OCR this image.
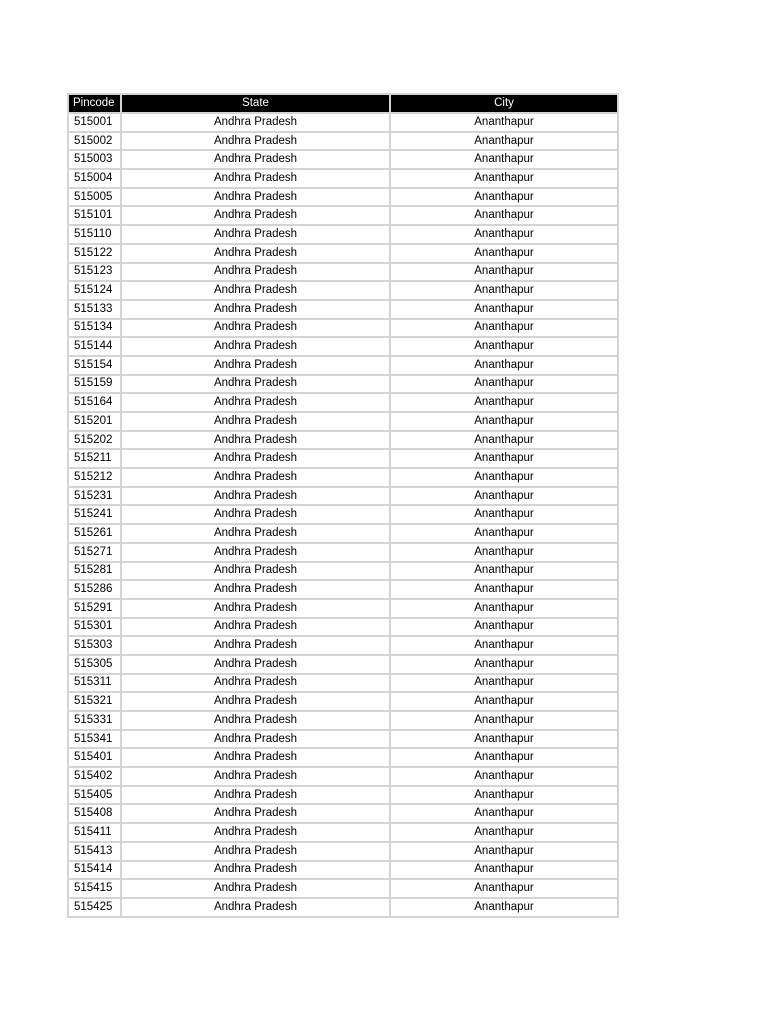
Pincode	State	City
515001	Andhra Pradesh	Ananthapur
515002	Andhra Pradesh	Ananthapur
515003	Andhra Pradesh	Ananthapur
515004	Andhra Pradesh	Ananthapur
515005	Andhra Pradesh	Ananthapur
515101	Andhra Pradesh	Ananthapur
515110	Andhra Pradesh	Ananthapur
515122	Andhra Pradesh	Ananthapur
515123	Andhra Pradesh	Ananthapur
515124	Andhra Pradesh	Ananthapur
515133	Andhra Pradesh	Ananthapur
515134	Andhra Pradesh	Ananthapur
515144	Andhra Pradesh	Ananthapur
515154	Andhra Pradesh	Ananthapur
515159	Andhra Pradesh	Ananthapur
515164	Andhra Pradesh	Ananthapur
515201	Andhra Pradesh	Ananthapur
515202	Andhra Pradesh	Ananthapur
515211	Andhra Pradesh	Ananthapur
515212	Andhra Pradesh	Ananthapur
515231	Andhra Pradesh	Ananthapur
515241	Andhra Pradesh	Ananthapur
515261	Andhra Pradesh	Ananthapur
515271	Andhra Pradesh	Ananthapur
515281	Andhra Pradesh	Ananthapur
515286	Andhra Pradesh	Ananthapur
515291	Andhra Pradesh	Ananthapur
515301	Andhra Pradesh	Ananthapur
515303	Andhra Pradesh	Ananthapur
515305	Andhra Pradesh	Ananthapur
515311	Andhra Pradesh	Ananthapur
515321	Andhra Pradesh	Ananthapur
515331	Andhra Pradesh	Ananthapur
515341	Andhra Pradesh	Ananthapur
515401	Andhra Pradesh	Ananthapur
515402	Andhra Pradesh	Ananthapur
515405	Andhra Pradesh	Ananthapur
515408	Andhra Pradesh	Ananthapur
515411	Andhra Pradesh	Ananthapur
515413	Andhra Pradesh	Ananthapur
515414	Andhra Pradesh	Ananthapur
515415	Andhra Pradesh	Ananthapur
515425	Andhra Pradesh	Ananthapur
